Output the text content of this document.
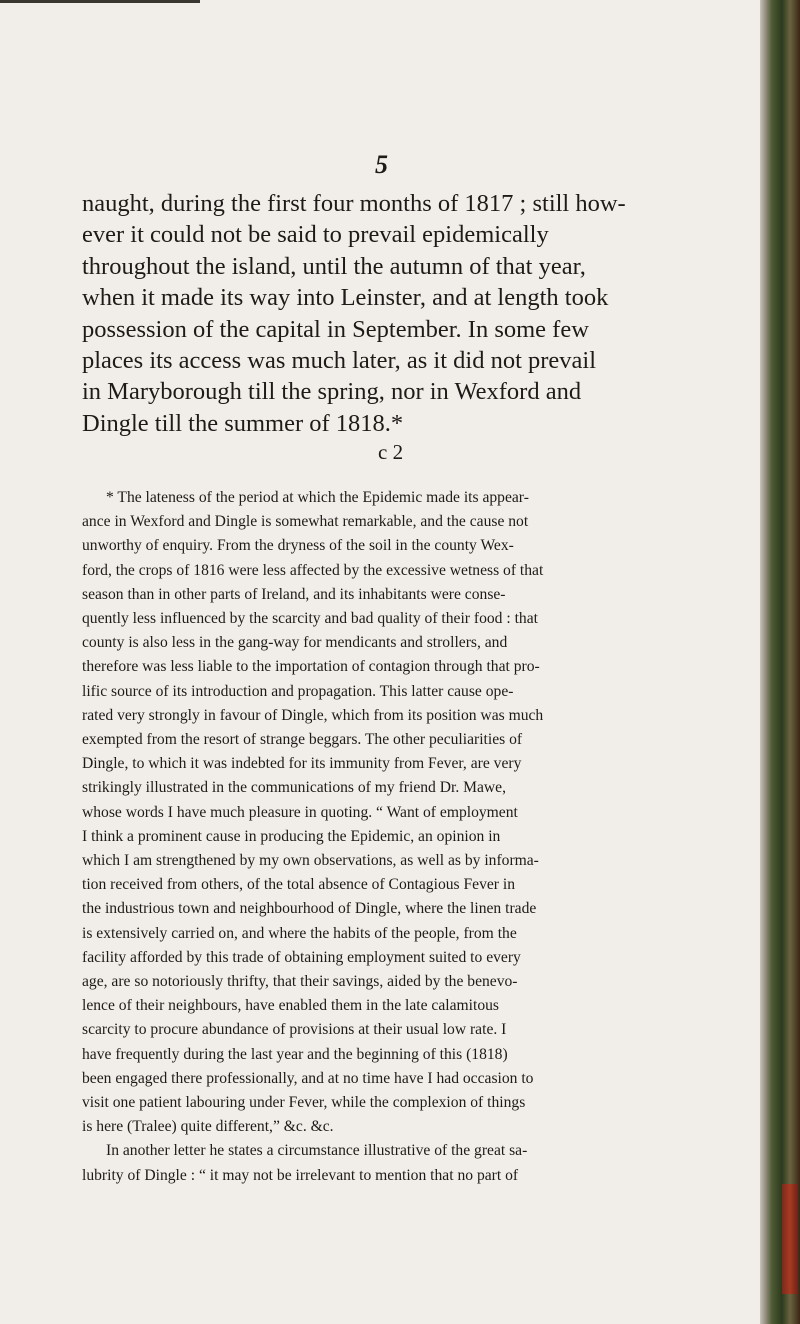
5
naught, during the first four months of 1817 ; still how-
ever it could not be said to prevail epidemically
throughout the island, until the autumn of that year,
when it made its way into Leinster, and at length took
possession of the capital in September. In some few
places its access was much later, as it did not prevail
in Maryborough till the spring, nor in Wexford and
Dingle till the summer of 1818.*
c 2
* The lateness of the period at which the Epidemic made its appear-
ance in Wexford and Dingle is somewhat remarkable, and the cause not
unworthy of enquiry. From the dryness of the soil in the county Wex-
ford, the crops of 1816 were less affected by the excessive wetness of that
season than in other parts of Ireland, and its inhabitants were conse-
quently less influenced by the scarcity and bad quality of their food : that
county is also less in the gang-way for mendicants and strollers, and
therefore was less liable to the importation of contagion through that pro-
lific source of its introduction and propagation. This latter cause ope-
rated very strongly in favour of Dingle, which from its position was much
exempted from the resort of strange beggars. The other peculiarities of
Dingle, to which it was indebted for its immunity from Fever, are very
strikingly illustrated in the communications of my friend Dr. Mawe,
whose words I have much pleasure in quoting. “ Want of employment
I think a prominent cause in producing the Epidemic, an opinion in
which I am strengthened by my own observations, as well as by informa-
tion received from others, of the total absence of Contagious Fever in
the industrious town and neighbourhood of Dingle, where the linen trade
is extensively carried on, and where the habits of the people, from the
facility afforded by this trade of obtaining employment suited to every
age, are so notoriously thrifty, that their savings, aided by the benevo-
lence of their neighbours, have enabled them in the late calamitous
scarcity to procure abundance of provisions at their usual low rate. I
have frequently during the last year and the beginning of this (1818)
been engaged there professionally, and at no time have I had occasion to
visit one patient labouring under Fever, while the complexion of things
is here (Tralee) quite different,” &c. &c.
In another letter he states a circumstance illustrative of the great sa-
lubrity of Dingle : “ it may not be irrelevant to mention that no part of
